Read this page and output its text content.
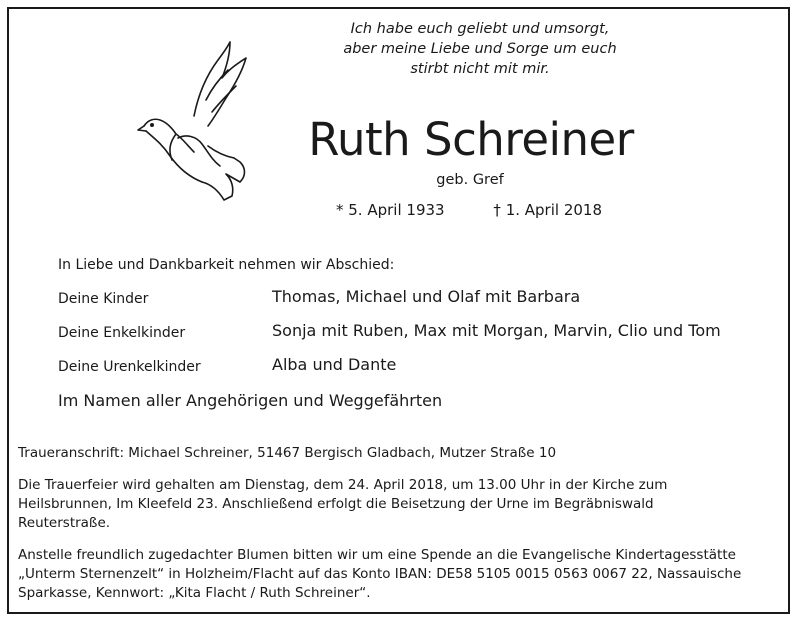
Ich habe euch geliebt und umsorgt,
aber meine Liebe und Sorge um euch
stirbt nicht mit mir.
Ruth Schreiner
geb. Gref
* 5. April 1933	† 1. April 2018
In Liebe und Dankbarkeit nehmen wir Abschied:
Deine Kinder	Thomas, Michael und Olaf mit Barbara
Deine Enkelkinder	Sonja mit Ruben, Max mit Morgan, Marvin, Clio und Tom
Deine Urenkelkinder	Alba und Dante
Im Namen aller Angehörigen und Weggefährten
Traueranschrift: Michael Schreiner, 51467 Bergisch Gladbach, Mutzer Straße 10
Die Trauerfeier wird gehalten am Dienstag, dem 24. April 2018, um 13.00 Uhr in der Kirche zum
Heilsbrunnen, Im Kleefeld 23. Anschließend erfolgt die Beisetzung der Urne im Begräbniswald
Reuterstraße.
Anstelle freundlich zugedachter Blumen bitten wir um eine Spende an die Evangelische Kindertagesstätte
„Unterm Sternenzelt“ in Holzheim/Flacht auf das Konto IBAN: DE58 5105 0015 0563 0067 22, Nassauische
Sparkasse, Kennwort: „Kita Flacht / Ruth Schreiner“.
